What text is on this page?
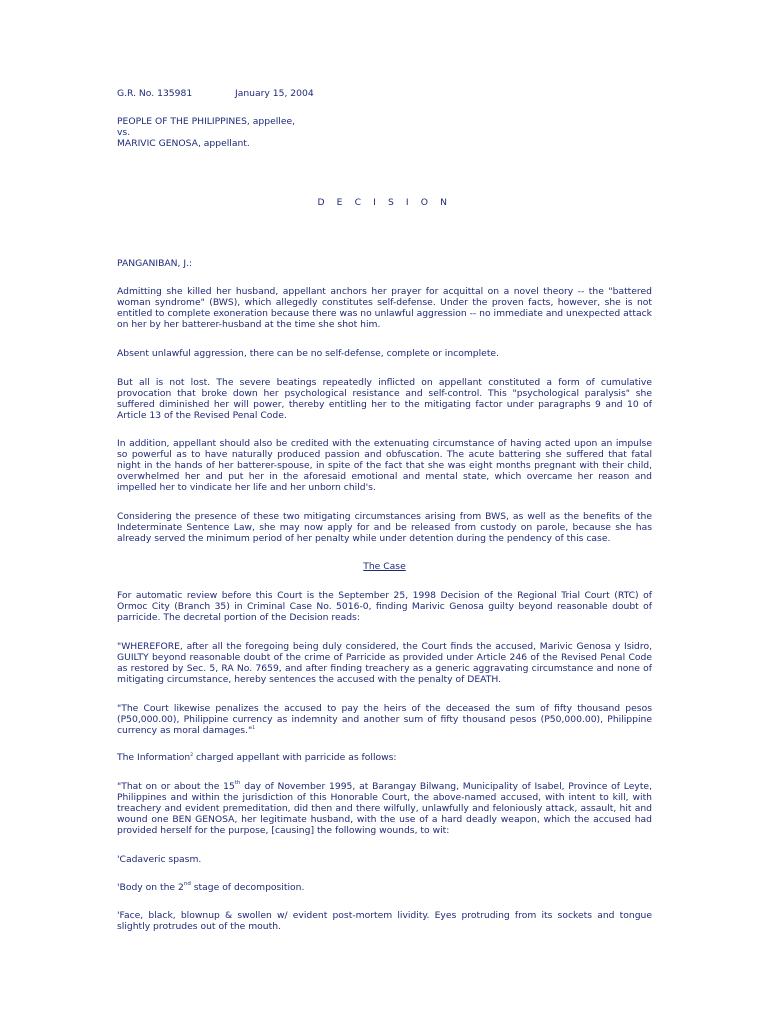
G.R. No. 135981	January 15, 2004
PEOPLE OF THE PHILIPPINES, appellee,
vs.
MARIVIC GENOSA, appellant.
D E C I S I O N
PANGANIBAN, J.:
Admitting she killed her husband, appellant anchors her prayer for acquittal on a novel theory -- the "battered woman syndrome" (BWS), which allegedly constitutes self-defense. Under the proven facts, however, she is not entitled to complete exoneration because there was no unlawful aggression -- no immediate and unexpected attack on her by her batterer-husband at the time she shot him.
Absent unlawful aggression, there can be no self-defense, complete or incomplete.
But all is not lost. The severe beatings repeatedly inflicted on appellant constituted a form of cumulative provocation that broke down her psychological resistance and self-control. This "psychological paralysis" she suffered diminished her will power, thereby entitling her to the mitigating factor under paragraphs 9 and 10 of Article 13 of the Revised Penal Code.
In addition, appellant should also be credited with the extenuating circumstance of having acted upon an impulse so powerful as to have naturally produced passion and obfuscation. The acute battering she suffered that fatal night in the hands of her batterer-spouse, in spite of the fact that she was eight months pregnant with their child, overwhelmed her and put her in the aforesaid emotional and mental state, which overcame her reason and impelled her to vindicate her life and her unborn child's.
Considering the presence of these two mitigating circumstances arising from BWS, as well as the benefits of the Indeterminate Sentence Law, she may now apply for and be released from custody on parole, because she has already served the minimum period of her penalty while under detention during the pendency of this case.
The Case
For automatic review before this Court is the September 25, 1998 Decision of the Regional Trial Court (RTC) of Ormoc City (Branch 35) in Criminal Case No. 5016-0, finding Marivic Genosa guilty beyond reasonable doubt of parricide. The decretal portion of the Decision reads:
"WHEREFORE, after all the foregoing being duly considered, the Court finds the accused, Marivic Genosa y Isidro, GUILTY beyond reasonable doubt of the crime of Parricide as provided under Article 246 of the Revised Penal Code as restored by Sec. 5, RA No. 7659, and after finding treachery as a generic aggravating circumstance and none of mitigating circumstance, hereby sentences the accused with the penalty of DEATH.
"The Court likewise penalizes the accused to pay the heirs of the deceased the sum of fifty thousand pesos (P50,000.00), Philippine currency as indemnity and another sum of fifty thousand pesos (P50,000.00), Philippine currency as moral damages."$^1$
The Information$^2$ charged appellant with parricide as follows:
"That on or about the 15th day of November 1995, at Barangay Bilwang, Municipality of Isabel, Province of Leyte, Philippines and within the jurisdiction of this Honorable Court, the above-named accused, with intent to kill, with treachery and evident premeditation, did then and there wilfully, unlawfully and feloniously attack, assault, hit and wound one BEN GENOSA, her legitimate husband, with the use of a hard deadly weapon, which the accused had provided herself for the purpose, [causing] the following wounds, to wit:
'Cadaveric spasm.
'Body on the 2nd stage of decomposition.
'Face, black, blownup & swollen w/ evident post-mortem lividity. Eyes protruding from its sockets and tongue slightly protrudes out of the mouth.
